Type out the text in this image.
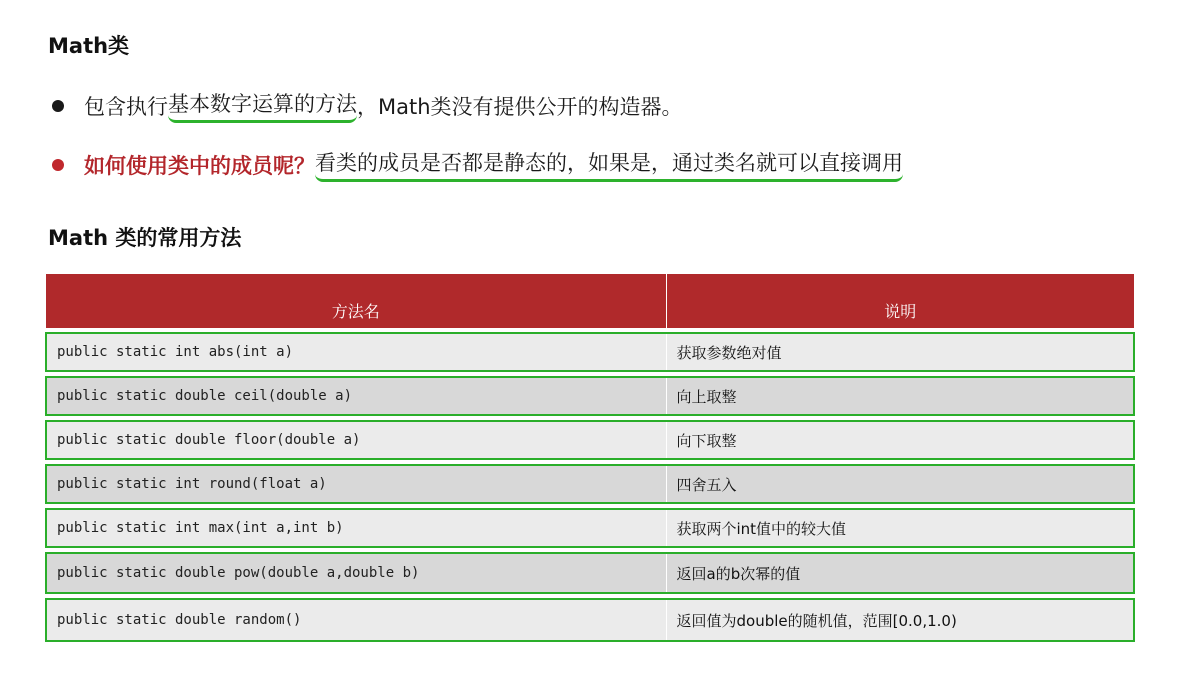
Math类
包含执行 基本数字运算的方法 ，Math类没有提供公开的构造器。
如何使用类中的成员呢？ 看类的成员是否都是静态的，如果是，通过类名就可以直接调用
Math 类的常用方法
方法名	说明

public static int abs(int a)	获取参数绝对值

public static double ceil(double a)	向上取整

public static double floor(double a)	向下取整

public static int round(float a)	四舍五入

public static int max(int a,int b)	获取两个int值中的较大值

public static double pow(double a,double b)	返回a的b次幂的值

public static double random()	返回值为double的随机值，范围[0.0,1.0)
